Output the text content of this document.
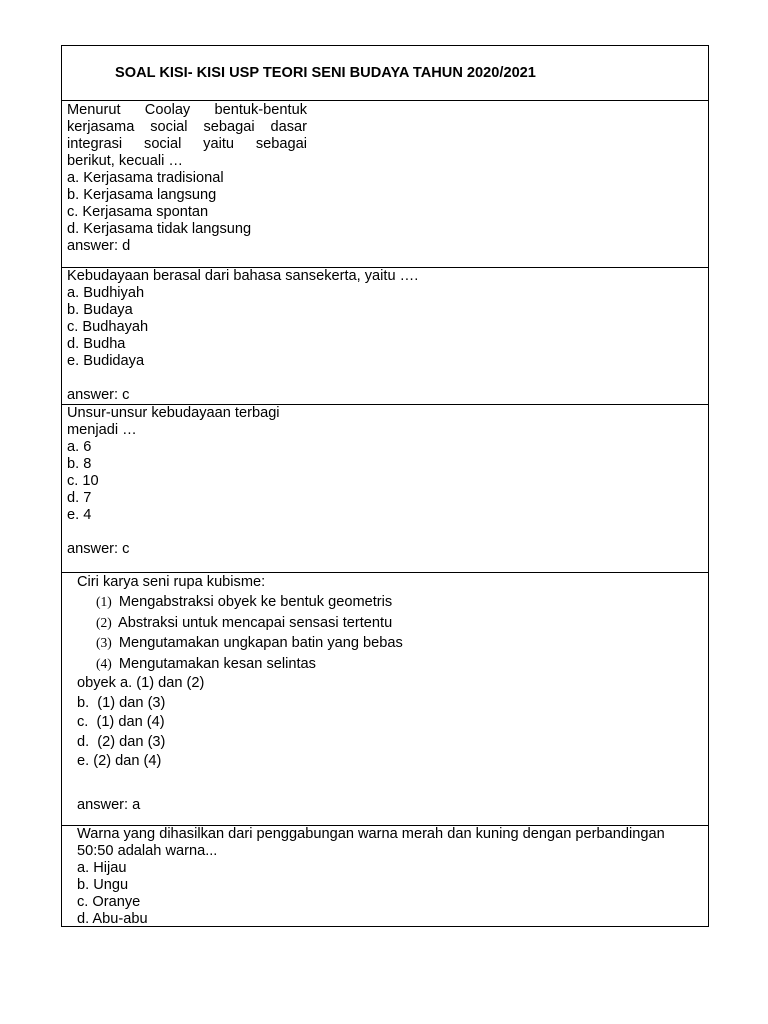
SOAL KISI- KISI USP TEORI SENI BUDAYA TAHUN 2020/2021
Menurut Coolay bentuk-bentuk
kerjasama social sebagai dasar
integrasi social yaitu sebagai
berikut, kecuali …
a. Kerjasama tradisional
b. Kerjasama langsung
c. Kerjasama spontan
d. Kerjasama tidak langsung
answer: d
Kebudayaan berasal dari bahasa sansekerta, yaitu ….
a. Budhiyah
b. Budaya
c. Budhayah
d. Budha
e. Budidaya
answer: c
Unsur-unsur kebudayaan terbagi
menjadi …
a. 6
b. 8
c. 10
d. 7
e. 4
answer: c
Ciri karya seni rupa kubisme:
(1) Mengabstraksi obyek ke bentuk geometris
(2) Abstraksi untuk mencapai sensasi tertentu
(3) Mengutamakan ungkapan batin yang bebas
(4) Mengutamakan kesan selintas
obyek a. (1) dan (2)
b.  (1) dan (3)
c.  (1) dan (4)
d.  (2) dan (3)
e. (2) dan (4)
answer: a
Warna yang dihasilkan dari penggabungan warna merah dan kuning dengan perbandingan
50:50 adalah warna...
a. Hijau
b. Ungu
c. Oranye
d. Abu-abu
